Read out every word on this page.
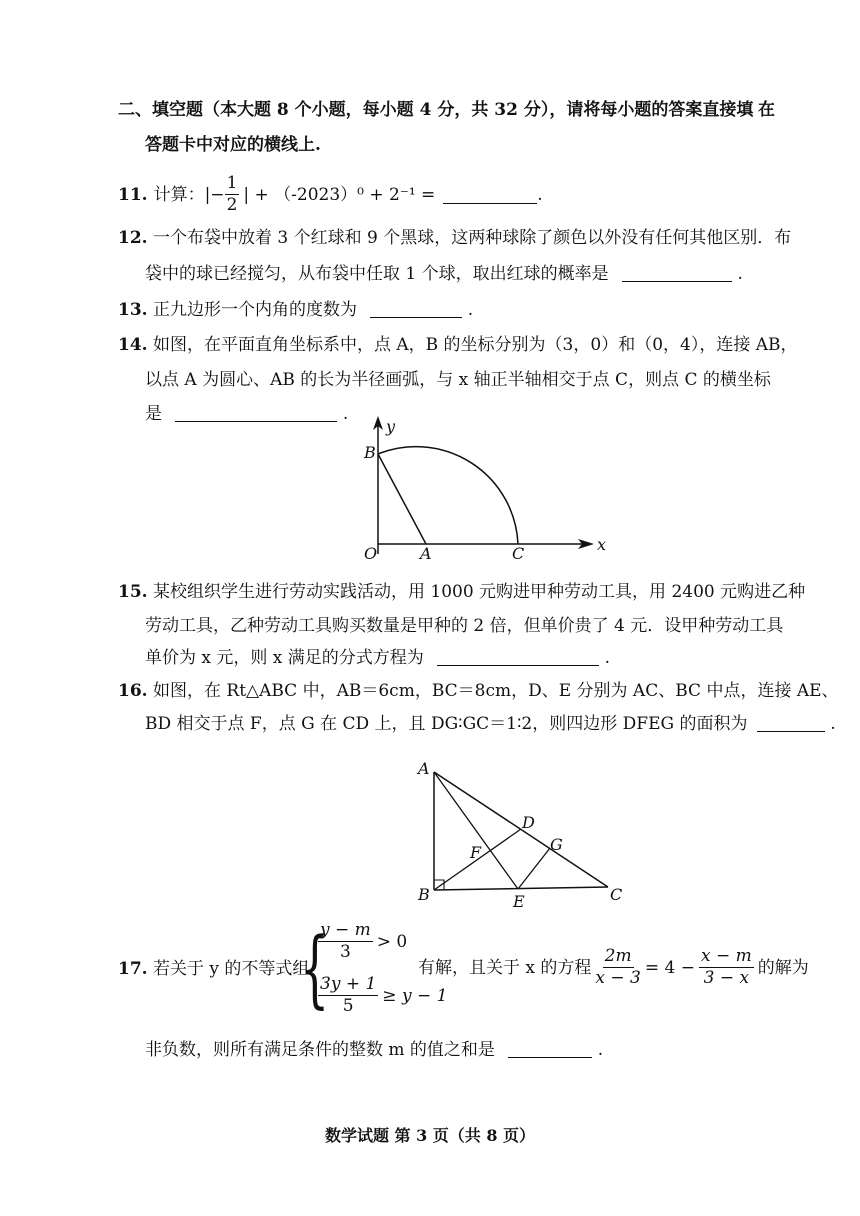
二、填空题（本大题 8 个小题，每小题 4 分，共 32 分），请将每小题的答案直接填 在
答题卡中对应的横线上.
11. 计算：|− $\frac{1}{2}$ | + （-2023）⁰ + 2⁻¹ =	.
12. 一个布袋中放着 3 个红球和 9 个黑球，这两种球除了颜色以外没有任何其他区别．布
袋中的球已经搅匀，从布袋中任取 1 个球，取出红球的概率是	.
13. 正九边形一个内角的度数为	.
14. 如图，在平面直角坐标系中，点 A，B 的坐标分别为（3，0）和（0，4），连接 AB，
以点 A 为圆心、AB 的长为半径画弧，与 x 轴正半轴相交于点 C，则点 C 的横坐标
是	.
y
x
B
O	A	C
15. 某校组织学生进行劳动实践活动，用 1000 元购进甲种劳动工具，用 2400 元购进乙种
劳动工具，乙种劳动工具购买数量是甲种的 2 倍，但单价贵了 4 元．设甲种劳动工具
单价为 x 元，则 x 满足的分式方程为	.
16. 如图，在 Rt△ABC 中，AB＝6cm，BC＝8cm，D、E 分别为 AC、BC 中点，连接 AE、
BD 相交于点 F，点 G 在 CD 上，且 DG∶GC＝1∶2，则四边形 DFEG 的面积为	.
A
B	C
D
E
F	G
17. 若关于 y 的不等式组
{
$\frac{y - m}{3} > 0$
$\frac{3y + 1}{5} \ge y - 1$
有解，且关于 x 的方程 $\frac{2m}{x - 3} = 4 - \frac{x - m}{3 - x}$ 的解为
非负数，则所有满足条件的整数 m 的值之和是	.
数学试题 第 3 页（共 8 页）
